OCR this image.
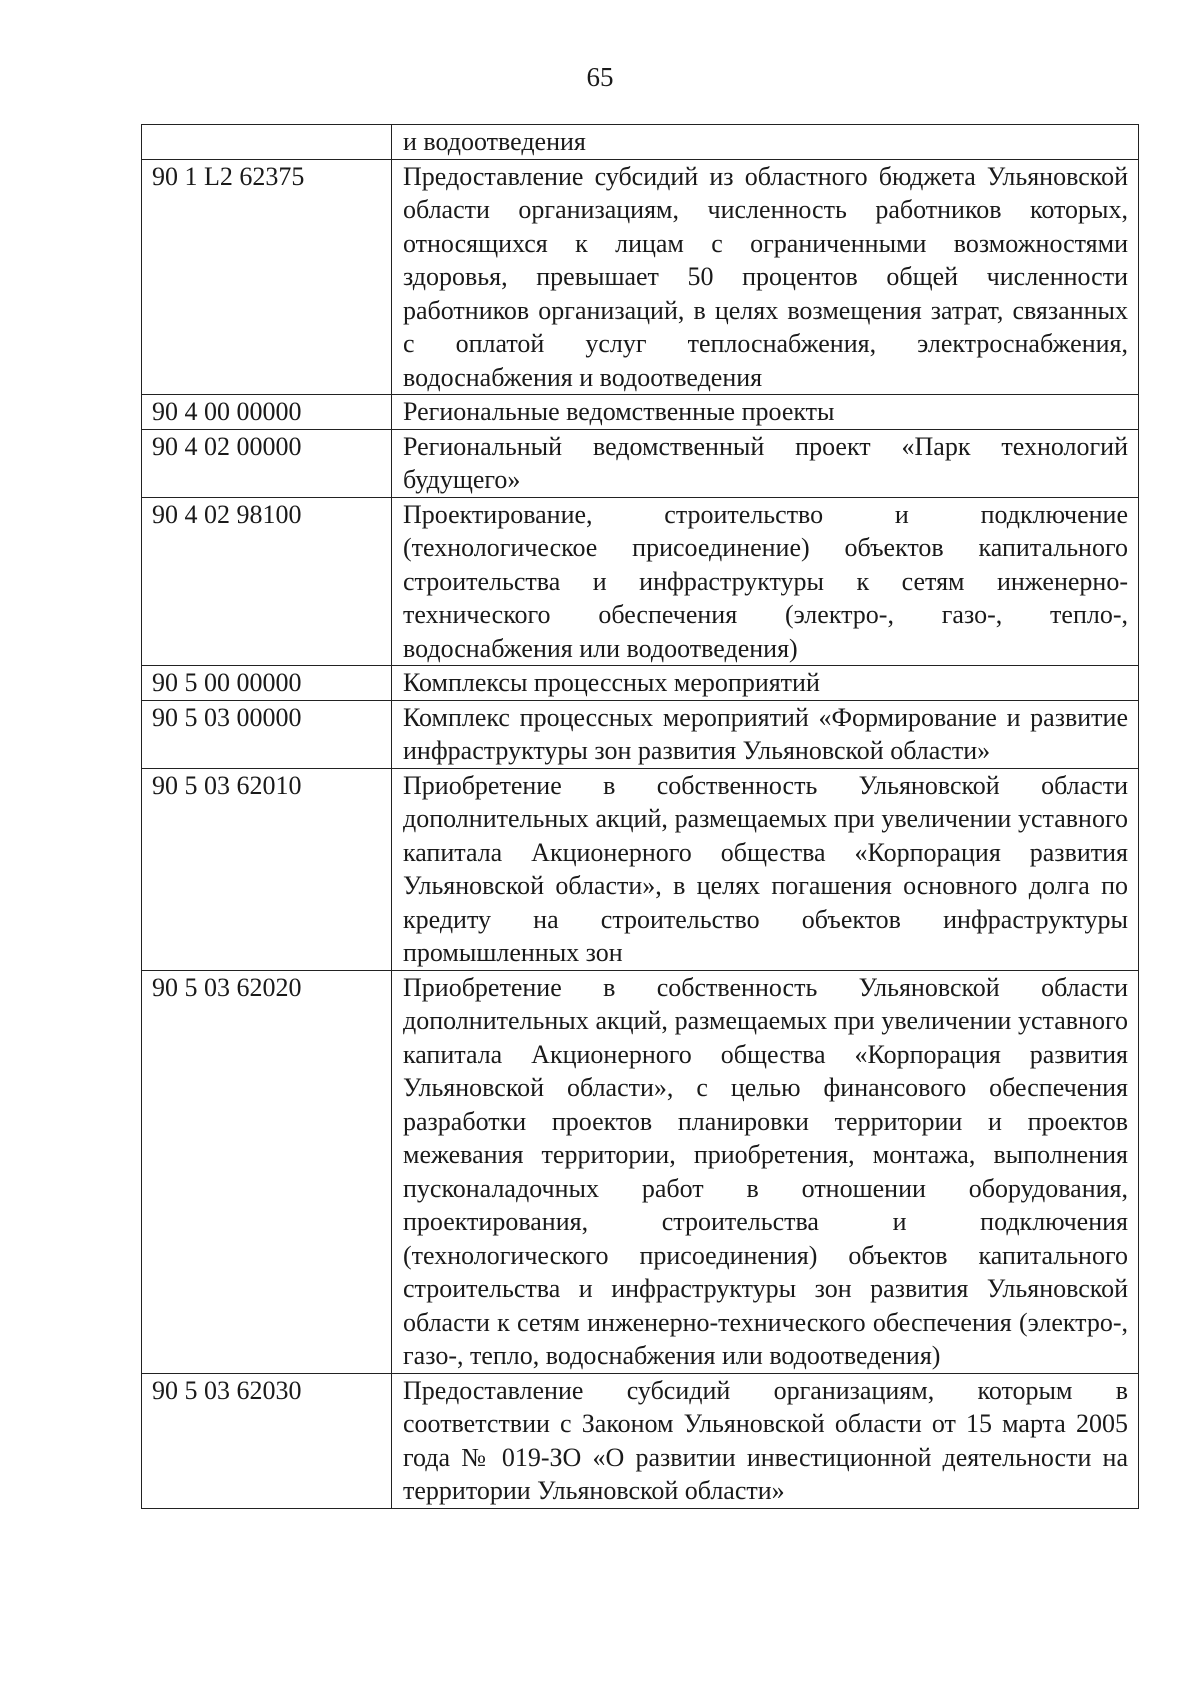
65
	и водоотведения
90 1 L2 62375	Предоставление субсидий из областного бюджета Ульяновской области организациям, численность работников которых, относящихся к лицам с ограниченными возможностями здоровья, превышает 50 процентов общей численности работников организаций, в целях возмещения затрат, связанных с оплатой услуг теплоснабжения, электроснабжения, водоснабжения и водоотведения
90 4 00 00000	Региональные ведомственные проекты
90 4 02 00000	Региональный ведомственный проект «Парк технологий будущего»
90 4 02 98100	Проектирование, строительство и подключение (технологическое присоединение) объектов капитального строительства и инфраструктуры к сетям инженерно-технического обеспечения (электро-, газо-, тепло-, водоснабжения или водоотведения)
90 5 00 00000	Комплексы процессных мероприятий
90 5 03 00000	Комплекс процессных мероприятий «Формирование и развитие инфраструктуры зон развития Ульяновской области»
90 5 03 62010	Приобретение в собственность Ульяновской области дополнительных акций, размещаемых при увеличении уставного капитала Акционерного общества «Корпорация развития Ульяновской области», в целях погашения основного долга по кредиту на строительство объектов инфраструктуры промышленных зон
90 5 03 62020	Приобретение в собственность Ульяновской области дополнительных акций, размещаемых при увеличении уставного капитала Акционерного общества «Корпорация развития Ульяновской области», с целью финансового обеспечения разработки проектов планировки территории и проектов межевания территории, приобретения, монтажа, выполнения пусконаладочных работ в отношении оборудования, проектирования, строительства и подключения (технологического присоединения) объектов капитального строительства и инфраструктуры зон развития Ульяновской области к сетям инженерно-технического обеспечения (электро-, газо-, тепло, водоснабжения или водоотведения)
90 5 03 62030	Предоставление субсидий организациям, которым в соответствии с Законом Ульяновской области от 15 марта 2005 года № 019-ЗО «О развитии инвестиционной деятельности на территории Ульяновской области»
